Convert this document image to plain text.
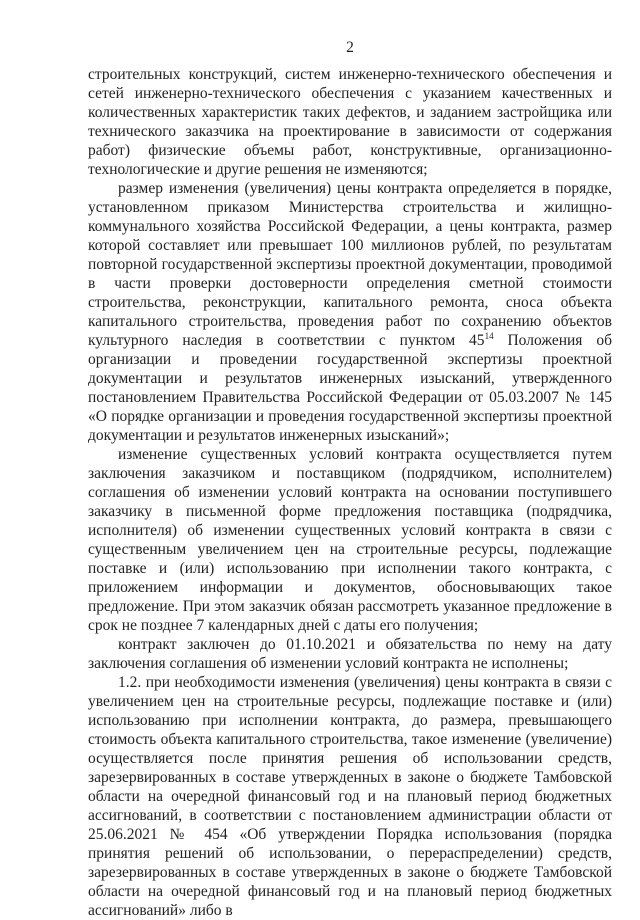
2

строительных конструкций, систем инженерно-технического обеспечения и сетей инженерно-технического обеспечения с указанием качественных и количественных характеристик таких дефектов, и заданием застройщика или технического заказчика на проектирование в зависимости от содержания работ) физические объемы работ, конструктивные, организационно-технологические и другие решения не изменяются;

размер изменения (увеличения) цены контракта определяется в порядке, установленном приказом Министерства строительства и жилищно-коммунального хозяйства Российской Федерации, а цены контракта, размер которой составляет или превышает 100 миллионов рублей, по результатам повторной государственной экспертизы проектной документации, проводимой в части проверки достоверности определения сметной стоимости строительства, реконструкции, капитального ремонта, сноса объекта капитального строительства, проведения работ по сохранению объектов культурного наследия в соответствии с пунктом $45^{14}$ Положения об организации и проведении государственной экспертизы проектной документации и результатов инженерных изысканий, утвержденного постановлением Правительства Российской Федерации от 05.03.2007 № 145 «О порядке организации и проведения государственной экспертизы проектной документации и результатов инженерных изысканий»;

изменение существенных условий контракта осуществляется путем заключения заказчиком и поставщиком (подрядчиком, исполнителем) соглашения об изменении условий контракта на основании поступившего заказчику в письменной форме предложения поставщика (подрядчика, исполнителя) об изменении существенных условий контракта в связи с существенным увеличением цен на строительные ресурсы, подлежащие поставке и (или) использованию при исполнении такого контракта, с приложением информации и документов, обосновывающих такое предложение. При этом заказчик обязан рассмотреть указанное предложение в срок не позднее 7 календарных дней с даты его получения;

контракт заключен до 01.10.2021 и обязательства по нему на дату заключения соглашения об изменении условий контракта не исполнены;

1.2. при необходимости изменения (увеличения) цены контракта в связи с увеличением цен на строительные ресурсы, подлежащие поставке и (или) использованию при исполнении контракта, до размера, превышающего стоимость объекта капитального строительства, такое изменение (увеличение) осуществляется после принятия решения об использовании средств, зарезервированных в составе утвержденных в законе о бюджете Тамбовской области на очередной финансовый год и на плановый период бюджетных ассигнований, в соответствии с постановлением администрации области от 25.06.2021 № 454 «Об утверждении Порядка использования (порядка принятия решений об использовании, о перераспределении) средств, зарезервированных в составе утвержденных в законе о бюджете Тамбовской области на очередной финансовый год и на плановый период бюджетных ассигнований» либо в
